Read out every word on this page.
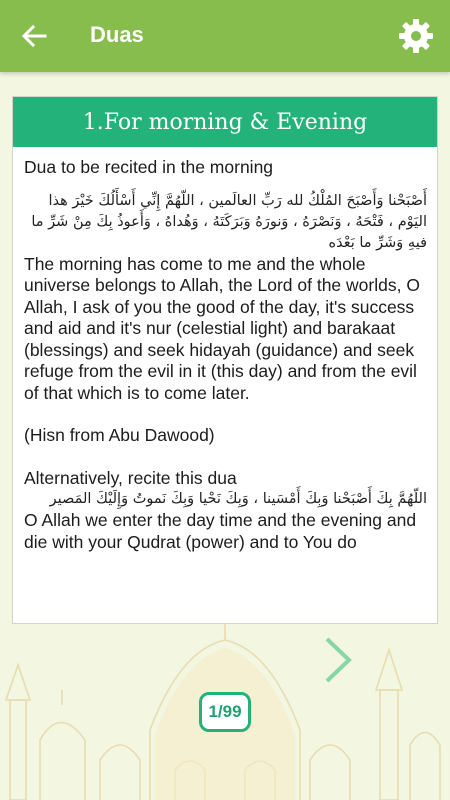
Duas
1.For morning & Evening

Dua to be recited in the morning

أَصْبَحْنا وَأَصْبَحَ المُلْكُ لله رَبِّ العالَمين ، اللّهُمَّ إِنِّي أَسْأَلُكَ خَيْرَ هذا اليَوْم ، فَتْحَهُ ، وَنَصْرَهُ ، وَنورَهُ وَبَرَكَتَهُ ، وَهُداهُ ، وَأَعوذُ بِكَ مِنْ شَرِّ ما فيهِ وَشَرِّ ما بَعْدَه

The morning has come to me and the whole universe belongs to Allah, the Lord of the worlds, O Allah, I ask of you the good of the day, it's success and aid and it's nur (celestial light) and barakaat (blessings) and seek hidayah (guidance) and seek refuge from the evil in it (this day) and from the evil of that which is to come later.

(Hisn from Abu Dawood)

Alternatively, recite this dua

اللّهُمَّ بِكَ أَصْبَحْنا وَبِكَ أَمْسَينا ، وَبِكَ نَحْيا وَبِكَ نَموتُ وَإِلَيْكَ المَصير

O Allah we enter the day time and the evening and die with your Qudrat (power) and to You do

1/99
